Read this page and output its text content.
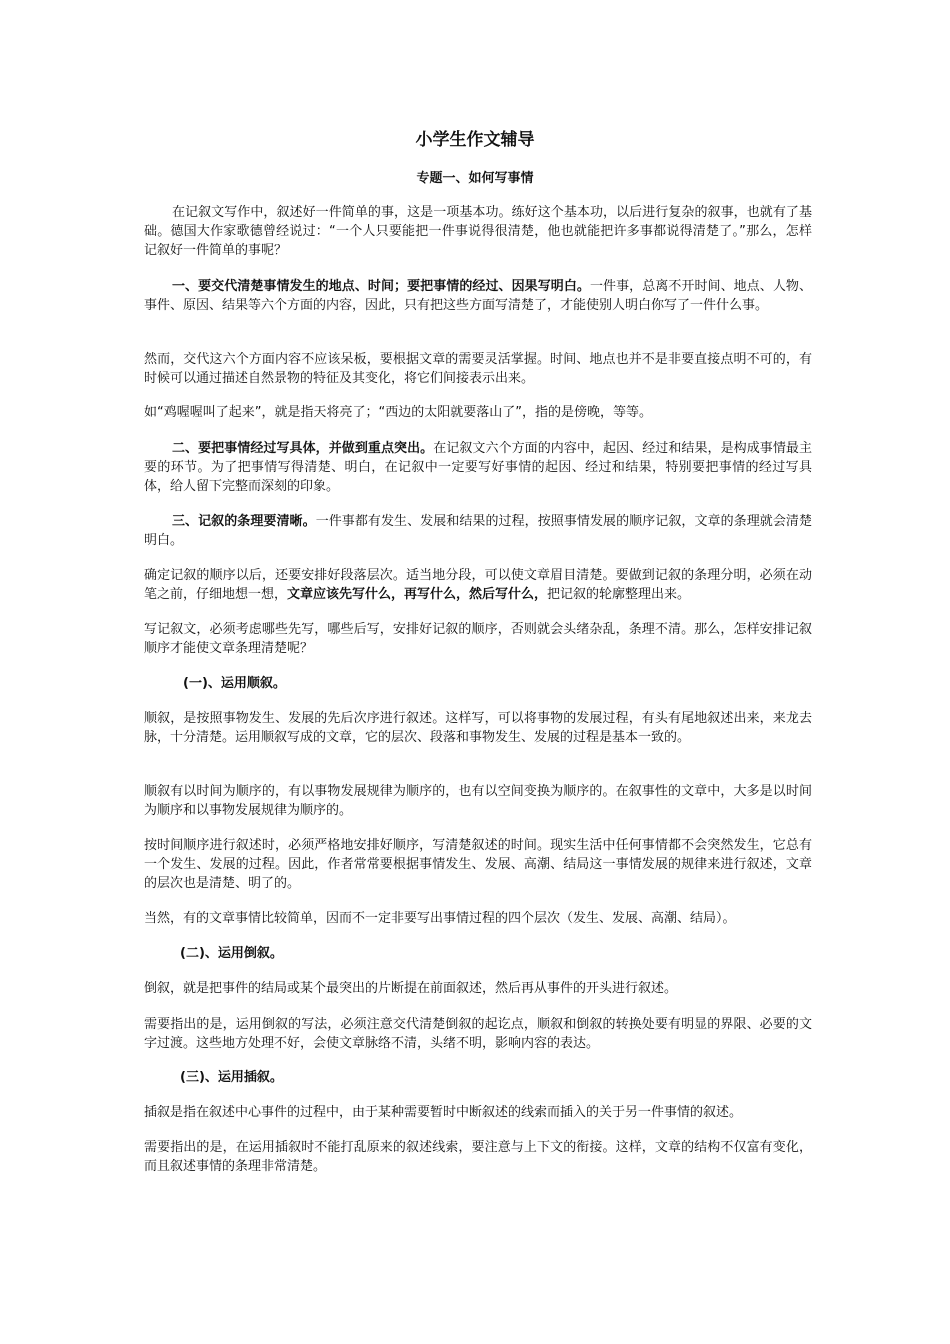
小学生作文辅导
专题一、如何写事情

在记叙文写作中，叙述好一件简单的事，这是一项基本功。练好这个基本功，以后进行复杂的叙事，也就有了基础。德国大作家歌德曾经说过：“一个人只要能把一件事说得很清楚，他也就能把许多事都说得清楚了。”那么，怎样记叙好一件简单的事呢？

一、要交代清楚事情发生的地点、时间；要把事情的经过、因果写明白。一件事，总离不开时间、地点、人物、事件、原因、结果等六个方面的内容，因此，只有把这些方面写清楚了，才能使别人明白你写了一件什么事。

然而，交代这六个方面内容不应该呆板，要根据文章的需要灵活掌握。时间、地点也并不是非要直接点明不可的，有时候可以通过描述自然景物的特征及其变化，将它们间接表示出来。

如“鸡喔喔叫了起来”，就是指天将亮了；“西边的太阳就要落山了”，指的是傍晚，等等。

二、要把事情经过写具体，并做到重点突出。在记叙文六个方面的内容中，起因、经过和结果，是构成事情最主要的环节。为了把事情写得清楚、明白，在记叙中一定要写好事情的起因、经过和结果，特别要把事情的经过写具体，给人留下完整而深刻的印象。

三、记叙的条理要清晰。一件事都有发生、发展和结果的过程，按照事情发展的顺序记叙，文章的条理就会清楚明白。

确定记叙的顺序以后，还要安排好段落层次。适当地分段，可以使文章眉目清楚。要做到记叙的条理分明，必须在动笔之前，仔细地想一想，文章应该先写什么，再写什么，然后写什么，把记叙的轮廓整理出来。

写记叙文，必须考虑哪些先写，哪些后写，安排好记叙的顺序，否则就会头绪杂乱，条理不清。那么，怎样安排记叙顺序才能使文章条理清楚呢？

(一)、运用顺叙。

顺叙，是按照事物发生、发展的先后次序进行叙述。这样写，可以将事物的发展过程，有头有尾地叙述出来，来龙去脉，十分清楚。运用顺叙写成的文章，它的层次、段落和事物发生、发展的过程是基本一致的。

顺叙有以时间为顺序的，有以事物发展规律为顺序的，也有以空间变换为顺序的。在叙事性的文章中，大多是以时间为顺序和以事物发展规律为顺序的。

按时间顺序进行叙述时，必须严格地安排好顺序，写清楚叙述的时间。现实生活中任何事情都不会突然发生，它总有一个发生、发展的过程。因此，作者常常要根据事情发生、发展、高潮、结局这一事情发展的规律来进行叙述，文章的层次也是清楚、明了的。

当然，有的文章事情比较简单，因而不一定非要写出事情过程的四个层次（发生、发展、高潮、结局）。

(二)、运用倒叙。

倒叙，就是把事件的结局或某个最突出的片断提在前面叙述，然后再从事件的开头进行叙述。

需要指出的是，运用倒叙的写法，必须注意交代清楚倒叙的起讫点，顺叙和倒叙的转换处要有明显的界限、必要的文字过渡。这些地方处理不好，会使文章脉络不清，头绪不明，影响内容的表达。

(三)、运用插叙。

插叙是指在叙述中心事件的过程中，由于某种需要暂时中断叙述的线索而插入的关于另一件事情的叙述。

需要指出的是，在运用插叙时不能打乱原来的叙述线索，要注意与上下文的衔接。这样，文章的结构不仅富有变化，而且叙述事情的条理非常清楚。
